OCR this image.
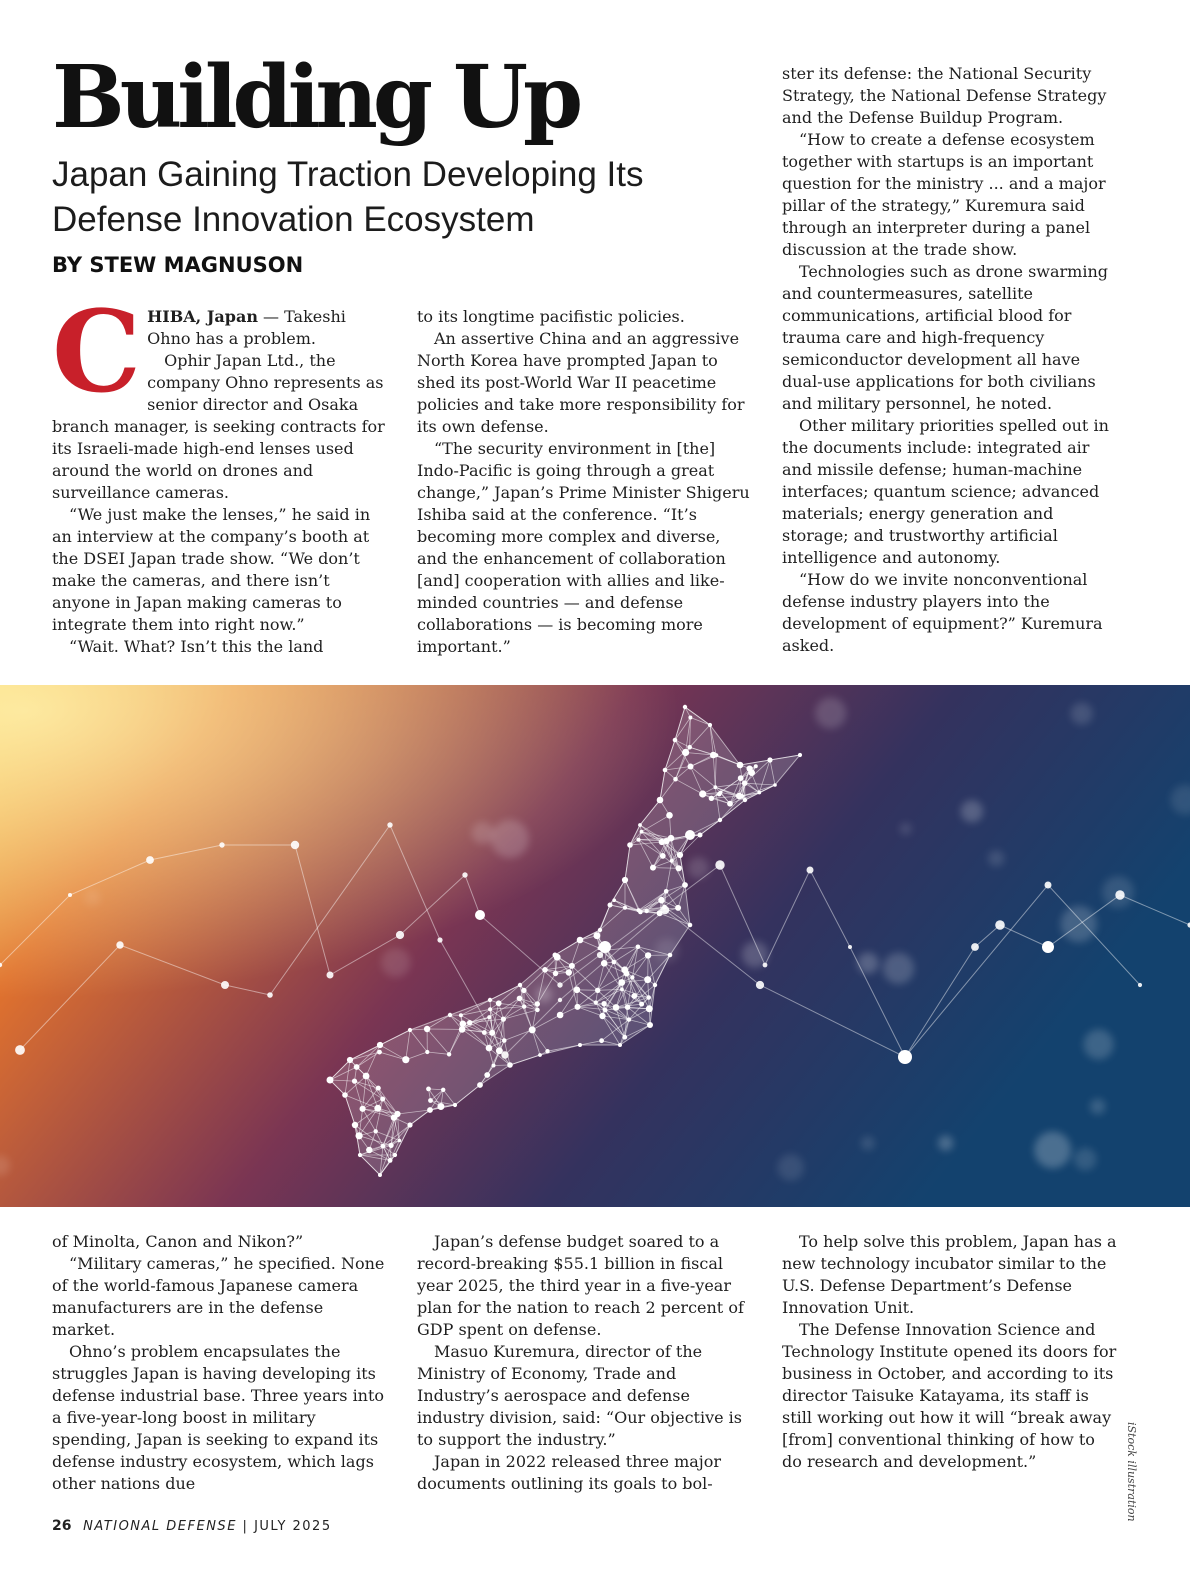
Building Up
Japan Gaining Traction Developing Its Defense Innovation Ecosystem
BY STEW MAGNUSON
C HIBA, Japan — Takeshi Ohno has a problem.

Ophir Japan Ltd., the company Ohno represents as senior director and Osaka branch manager, is seeking contracts for its Israeli-made high-end lenses used around the world on drones and surveillance cameras.

“We just make the lenses,” he said in an interview at the company’s booth at the DSEI Japan trade show. “We don’t make the cameras, and there isn’t anyone in Japan making cameras to integrate them into right now.”

“Wait. What? Isn’t this the land

to its longtime pacifistic policies.

An assertive China and an aggressive North Korea have prompted Japan to shed its post-World War II peacetime policies and take more responsibility for its own defense.

“The security environment in [the] Indo-Pacific is going through a great change,” Japan’s Prime Minister Shigeru Ishiba said at the conference. “It’s becoming more complex and diverse, and the enhancement of collaboration [and] cooperation with allies and like-minded countries — and defense collaborations — is becoming more important.”

ster its defense: the National Security Strategy, the National Defense Strategy and the Defense Buildup Program.

“How to create a defense ecosystem together with startups is an important question for the ministry ... and a major pillar of the strategy,” Kuremura said through an interpreter during a panel discussion at the trade show.

Technologies such as drone swarming and countermeasures, satellite communications, artificial blood for trauma care and high-frequency semiconductor development all have dual-use applications for both civilians and military personnel, he noted.

Other military priorities spelled out in the documents include: integrated air and missile defense; human-machine interfaces; quantum science; advanced materials; energy generation and storage; and trustworthy artificial intelligence and autonomy.

“How do we invite nonconventional defense industry players into the development of equipment?” Kuremura asked.

of Minolta, Canon and Nikon?”

“Military cameras,” he specified. None of the world-famous Japanese camera manufacturers are in the defense market.

Ohno’s problem encapsulates the struggles Japan is having developing its defense industrial base. Three years into a five-year-long boost in military spending, Japan is seeking to expand its defense industry ecosystem, which lags other nations due

Japan’s defense budget soared to a record-breaking $55.1 billion in fiscal year 2025, the third year in a five-year plan for the nation to reach 2 percent of GDP spent on defense.

Masuo Kuremura, director of the Ministry of Economy, Trade and Industry’s aerospace and defense industry division, said: “Our objective is to support the industry.”

Japan in 2022 released three major documents outlining its goals to bol-

To help solve this problem, Japan has a new technology incubator similar to the U.S. Defense Department’s Defense Innovation Unit.

The Defense Innovation Science and Technology Institute opened its doors for business in October, and according to its director Taisuke Katayama, its staff is still working out how it will “break away [from] conventional thinking of how to do research and development.”	iStock illustration
26 NATIONAL DEFENSE | JULY 2025
